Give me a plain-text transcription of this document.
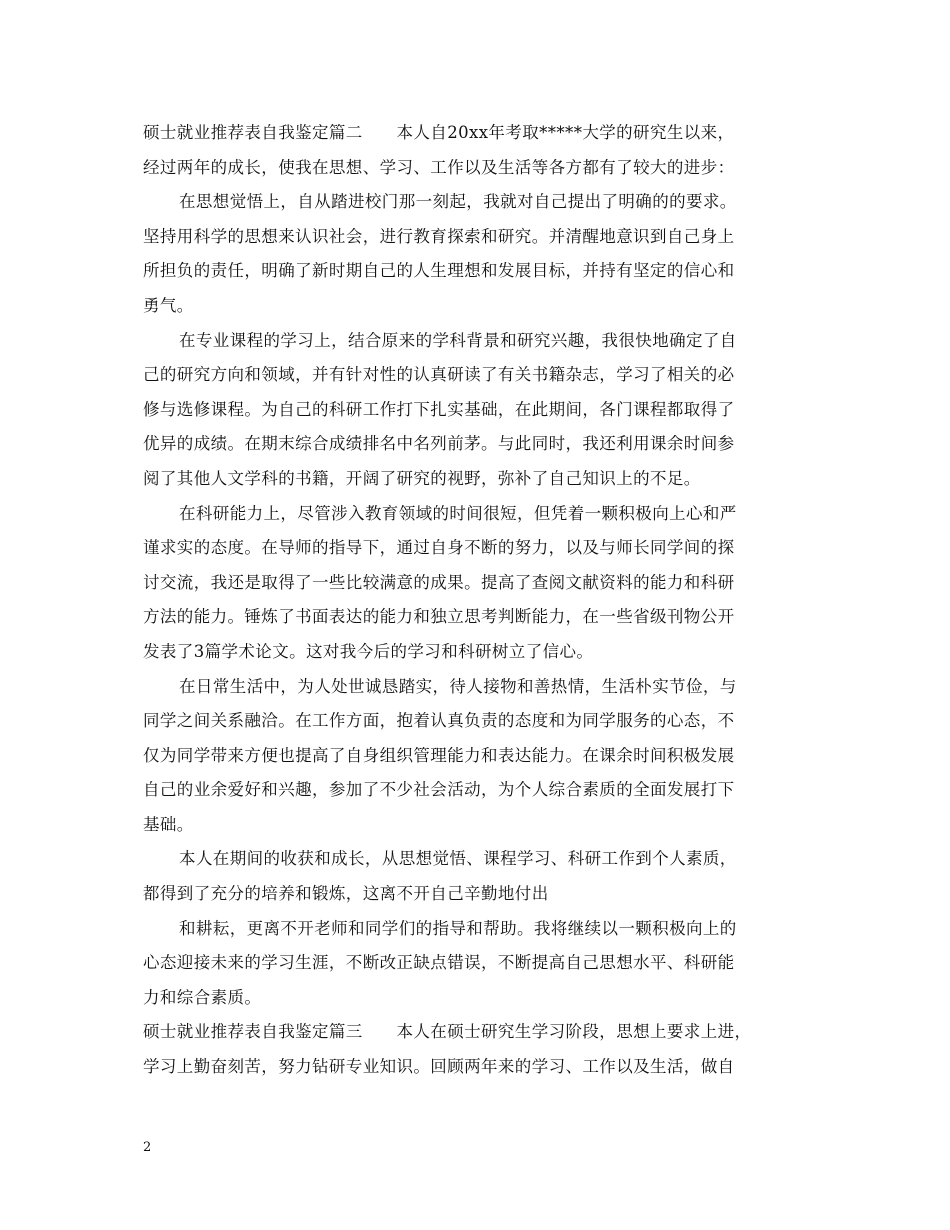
硕士就业推荐表自我鉴定篇二　　本人自20xx年考取*****大学的研究生以来，
经过两年的成长，使我在思想、学习、工作以及生活等各方都有了较大的进步：
在思想觉悟上，自从踏进校门那一刻起，我就对自己提出了明确的的要求。
坚持用科学的思想来认识社会，进行教育探索和研究。并清醒地意识到自己身上
所担负的责任，明确了新时期自己的人生理想和发展目标，并持有坚定的信心和
勇气。
在专业课程的学习上，结合原来的学科背景和研究兴趣，我很快地确定了自
己的研究方向和领域，并有针对性的认真研读了有关书籍杂志，学习了相关的必
修与选修课程。为自己的科研工作打下扎实基础，在此期间，各门课程都取得了
优异的成绩。在期末综合成绩排名中名列前茅。与此同时，我还利用课余时间参
阅了其他人文学科的书籍，开阔了研究的视野，弥补了自己知识上的不足。
在科研能力上，尽管涉入教育领域的时间很短，但凭着一颗积极向上心和严
谨求实的态度。在导师的指导下，通过自身不断的努力，以及与师长同学间的探
讨交流，我还是取得了一些比较满意的成果。提高了查阅文献资料的能力和科研
方法的能力。锤炼了书面表达的能力和独立思考判断能力，在一些省级刊物公开
发表了3篇学术论文。这对我今后的学习和科研树立了信心。
在日常生活中，为人处世诚恳踏实，待人接物和善热情，生活朴实节俭，与
同学之间关系融洽。在工作方面，抱着认真负责的态度和为同学服务的心态，不
仅为同学带来方便也提高了自身组织管理能力和表达能力。在课余时间积极发展
自己的业余爱好和兴趣，参加了不少社会活动，为个人综合素质的全面发展打下
基础。
本人在期间的收获和成长，从思想觉悟、课程学习、科研工作到个人素质，
都得到了充分的培养和锻炼，这离不开自己辛勤地付出
和耕耘，更离不开老师和同学们的指导和帮助。我将继续以一颗积极向上的
心态迎接未来的学习生涯，不断改正缺点错误，不断提高自己思想水平、科研能
力和综合素质。
硕士就业推荐表自我鉴定篇三　　本人在硕士研究生学习阶段，思想上要求上进，
学习上勤奋刻苦，努力钻研专业知识。回顾两年来的学习、工作以及生活，做自
2
